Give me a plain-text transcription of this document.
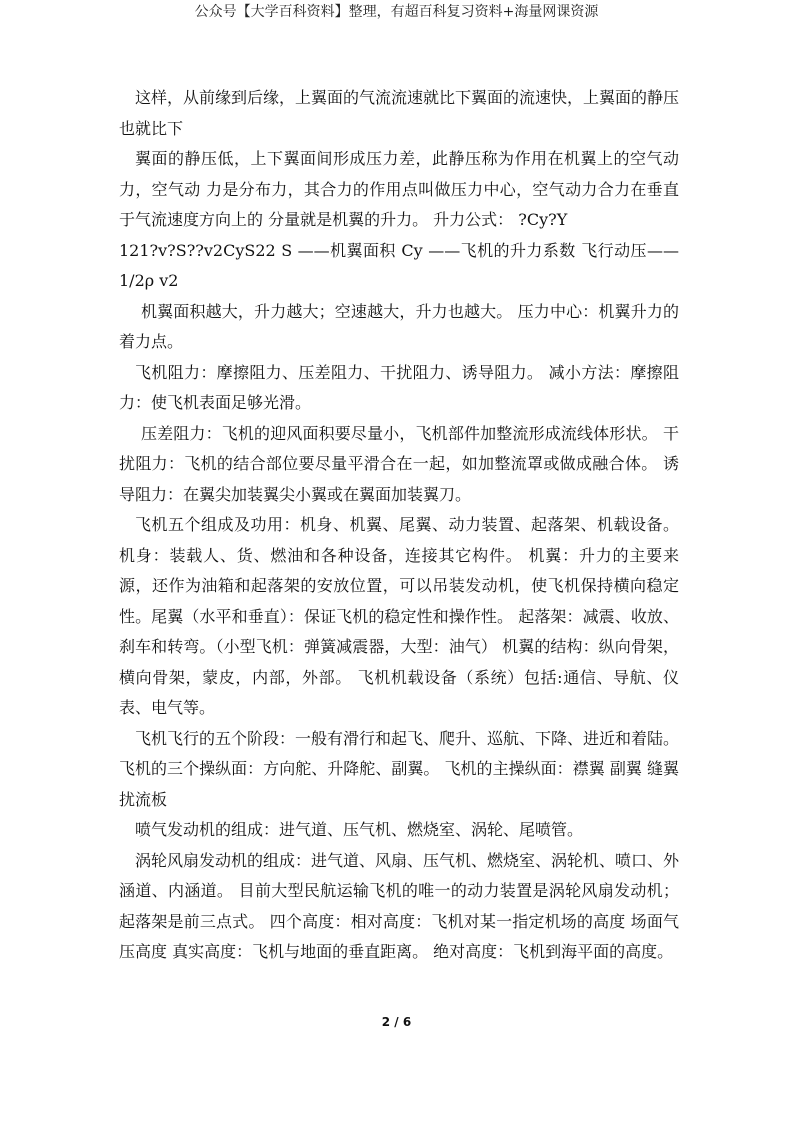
公众号【大学百科资料】整理，有超百科复习资料+海量网课资源

这样，从前缘到后缘，上翼面的气流流速就比下翼面的流速快，上翼面的静压也就比下

翼面的静压低，上下翼面间形成压力差，此静压称为作用在机翼上的空气动力，空气动 力是分布力，其合力的作用点叫做压力中心，空气动力合力在垂直于气流速度方向上的 分量就是机翼的升力。 升力公式： ?Cy?Y

121?v?S??v2CyS22 S ——机翼面积 Cy ——飞机的升力系数 飞行动压——1/2ρ v2

机翼面积越大，升力越大；空速越大，升力也越大。 压力中心：机翼升力的着力点。

飞机阻力：摩擦阻力、压差阻力、干扰阻力、诱导阻力。 减小方法：摩擦阻力：使飞机表面足够光滑。

压差阻力：飞机的迎风面积要尽量小，飞机部件加整流形成流线体形状。 干扰阻力：飞机的结合部位要尽量平滑合在一起，如加整流罩或做成融合体。 诱导阻力：在翼尖加装翼尖小翼或在翼面加装翼刀。

飞机五个组成及功用：机身、机翼、尾翼、动力装置、起落架、机载设备。 机身：装载人、货、燃油和各种设备，连接其它构件。 机翼：升力的主要来源，还作为油箱和起落架的安放位置，可以吊装发动机，使飞机保持横向稳定性。尾翼（水平和垂直）：保证飞机的稳定性和操作性。 起落架：减震、收放、刹车和转弯。（小型飞机：弹簧减震器，大型：油气） 机翼的结构：纵向骨架，横向骨架，蒙皮，内部，外部。 飞机机载设备（系统）包括:通信、导航、仪表、电气等。

飞机飞行的五个阶段：一般有滑行和起飞、爬升、巡航、下降、进近和着陆。飞机的三个操纵面：方向舵、升降舵、副翼。 飞机的主操纵面：襟翼 副翼 缝翼 扰流板

喷气发动机的组成：进气道、压气机、燃烧室、涡轮、尾喷管。

涡轮风扇发动机的组成：进气道、风扇、压气机、燃烧室、涡轮机、喷口、外涵道、内涵道。 目前大型民航运输飞机的唯一的动力装置是涡轮风扇发动机；起落架是前三点式。 四个高度：相对高度：飞机对某一指定机场的高度 场面气压高度 真实高度：飞机与地面的垂直距离。 绝对高度：飞机到海平面的高度。

2 / 6
